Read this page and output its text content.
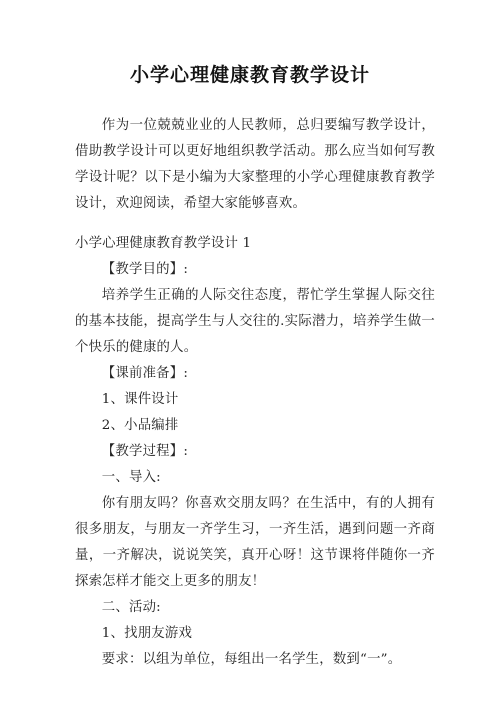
小学心理健康教育教学设计

作为一位兢兢业业的人民教师，总归要编写教学设计，借助教学设计可以更好地组织教学活动。那么应当如何写教学设计呢？以下是小编为大家整理的小学心理健康教育教学设计，欢迎阅读，希望大家能够喜欢。

小学心理健康教育教学设计 1

【教学目的】:

培养学生正确的人际交往态度，帮忙学生掌握人际交往的基本技能，提高学生与人交往的.实际潜力，培养学生做一个快乐的健康的人。

【课前准备】:

1、课件设计

2、小品编排

【教学过程】:

一、导入:

你有朋友吗？你喜欢交朋友吗？在生活中，有的人拥有很多朋友，与朋友一齐学生习，一齐生活，遇到问题一齐商量，一齐解决，说说笑笑，真开心呀！这节课将伴随你一齐探索怎样才能交上更多的朋友！

二、活动:

1、找朋友游戏

要求：以组为单位，每组出一名学生，数到“一”。
